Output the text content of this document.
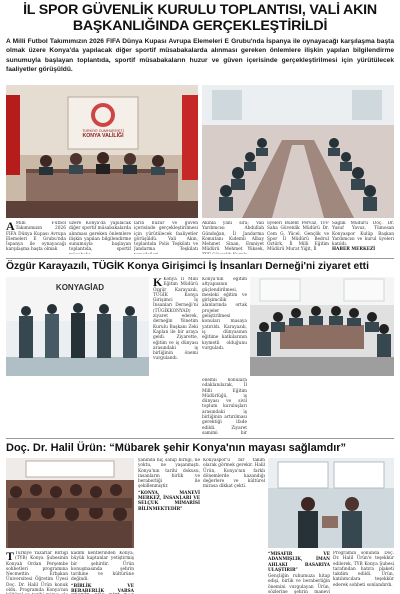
İL SPOR GÜVENLİK KURULU TOPLANTISI, VALİ AKIN BAŞKANLIĞINDA GERÇEKLEŞTİRİLDİ
A Milli Futbol Takımımızın 2026 FIFA Dünya Kupası Avrupa Elemeleri E Grubu'nda İspanya ile oynayacağı karşılaşma başta olmak üzere Konya'da yapılacak diğer sportif müsabakalarda alınması gereken önlemlere ilişkin yapılan bilgilendirme sunumuyla başlayan toplantıda, sportif müsabakaların huzur ve güven içerisinde gerçekleştirilmesi için yürütülecek faaliyetler görüşüldü.
TÜRKİYE CUMHURİYETİ
KONYA VALİLİĞİ
A Milli Futbol Takımımızın 2026 FIFA Dünya Kupası Avrupa Elemeleri E Grubu'nda İspanya ile oynayacağı karşılaşma başta olmak
üzere Konya'da yapılacak diğer sportif müsabakalarda alınması gereken önlemlere ilişkin yapılan bilgilendirme sunumuyla başlayan toplantıda, sportif
ların huzur ve güven içerisinde gerçekleştirilmesi için yürütülecek faaliyetler görüşüldü. Vali Akın, toplantıda Polis Teşkilatı ve Jandarma Teşkilatı
Akınla yanı sıra; Vali Yardımcısı Abdullah Gündoğan, İl Jandarma Komutanı Kıdemli Albay Mehmet Sinan, Emniyet Müdürü Mehmet Yüksek,
üyeleri Bülent Pervaz, TFF Saha Güvenlik Müdürü Dr. Cem G. Yücel, Gençlik ve Spor İl Müdürü Bedrul Öztürk, İl Milli Eğitim Müdürü Murat Yiğit, İl
Sağlık Müdürü Doç. Dr. Yusuf Yavuz, Tümosan Konyaspor Kulüp Başkan Yardımcısı ve kurul üyeleri katıldı.
HABER MERKEZİ
Özgür Karayazılı, TÜGİK Konya Girişimci İş İnsanları Derneği'ni ziyaret etti
KONYAGİAD	K Konya İl Milli Eğitim Müdürü Özgür Karayazılı, TÜGİK Konya Girişimci İş İnsanları Derneği'ni (TÜGİKKONYAD) ziyaret ederek, derneğin Yönetim Kurulu Başkanı Zeki Kaplan ile bir araya geldi. Ziyarette, eğitim ve iş dünyası arasındaki iş birliğinin önemi vurgulandı.
Konya'nın eğitim altyapısının güçlendirilmesi, mesleki eğitim ve girişimcilik alanlarında ortak projeler geliştirilmesi konuları masaya yatırıldı. Karayazılı, iş dünyasının eğitime katkılarının kıymetli olduğunu vurguladı.
önemli konulara odaklanılarak, İl Milli Eğitim Müdürlüğü, iş dünyası ve sivil toplum kuruluşları arasındaki iş birliğinin artırılması gerektiği ifade edildi. Ziyaret samimi bir

Doç. Dr. Halil Ürün: “Mübarek şehir Konya'nın mayası sağlamdır”
yanında hiç sahip birliği, ne yoktu, ne yaşanmıştı. Konya'nın tarihi dokusu, insanların birlik ve beraberliği ile şekillenmiştir.
“KONYA, MANEVİ MERKEZ, İNSANLARI VE SELÇUK MİMARİSİ BİLİNMEKTEDİR”
Konyaspor'u bir takım olarak görmek gerekir. Halil Ürün, Konya'nın farklı dönemlerde kazandığı değerlere ve kültürel mirasa dikkat çekti.
T Türkiye Yazarlar Birliği (TYB) Konya Şubesinin Konyalı Ordan Perşembe sohbetleri programına Necmettin Erbakan Üniversitesi Öğretim Üyesi Doç. Dr. Halil Ürün konuk oldu. Programda Konya'nın
kadim kentlerinden Konya, büyük kaptanlar yetiştirmiş bir şehirdir. Ürün konuşmasında şehrin tarihine ve kültürüne değindi.
“BİRLİK VE BERABERLİK VARSA
“MİSAFİR VE ADANMIŞLIK, İMAN AHLAKI BASARIYA ULAŞTIRIR”
Gençliğin ruhumuza hitap edişi, birlik ve beraberliğin önemini vurgulayan Ürün, sözlerine şehrin manevi
Programın sonunda Doç. Dr. Halil Ürün'e teşekkür edilerek, TYB Konya Şubesi tarafından hatıra plaketi takdim edildi. Ürün, katılımcılara teşekkür ederek sohbeti sonlandırdı.
